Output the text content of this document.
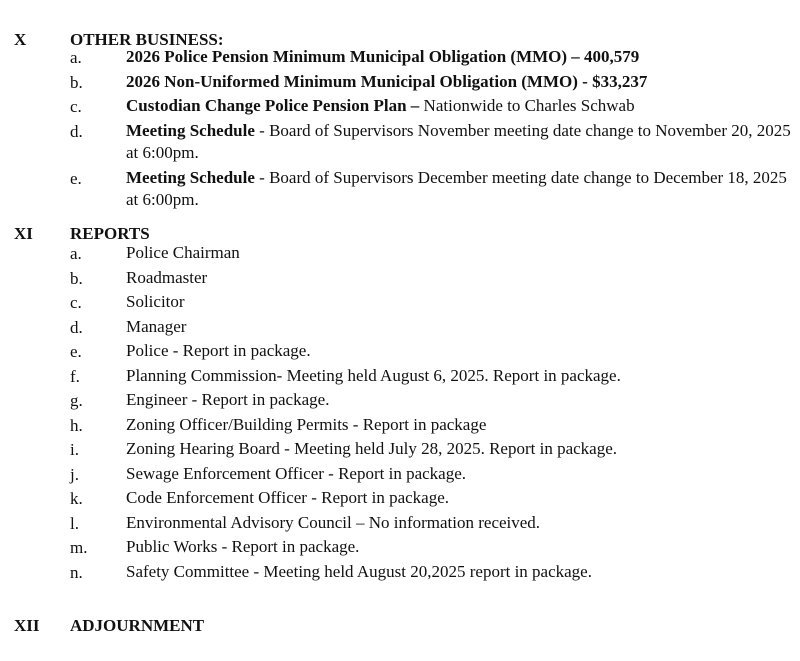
X	OTHER BUSINESS:
a.	2026 Police Pension Minimum Municipal Obligation (MMO) – 400,579
b.	2026 Non-Uniformed Minimum Municipal Obligation (MMO) - $33,237
c.	Custodian Change Police Pension Plan – Nationwide to Charles Schwab
d.	Meeting Schedule - Board of Supervisors November meeting date change to November 20, 2025 at 6:00pm.
e.	Meeting Schedule - Board of Supervisors December meeting date change to December 18, 2025 at 6:00pm.
XI REPORTS
a.	Police Chairman
b.	Roadmaster
c.	Solicitor
d.	Manager
e.	Police - Report in package.
f.	Planning Commission- Meeting held August 6, 2025. Report in package.
g.	Engineer - Report in package.
h.	Zoning Officer/Building Permits - Report in package
i.	Zoning Hearing Board - Meeting held July 28, 2025. Report in package.
j.	Sewage Enforcement Officer - Report in package.
k.	Code Enforcement Officer - Report in package.
l.	Environmental Advisory Council – No information received.
m. Public Works - Report in package.
n.	Safety Committee - Meeting held August 20,2025 report in package.
XII ADJOURNMENT
